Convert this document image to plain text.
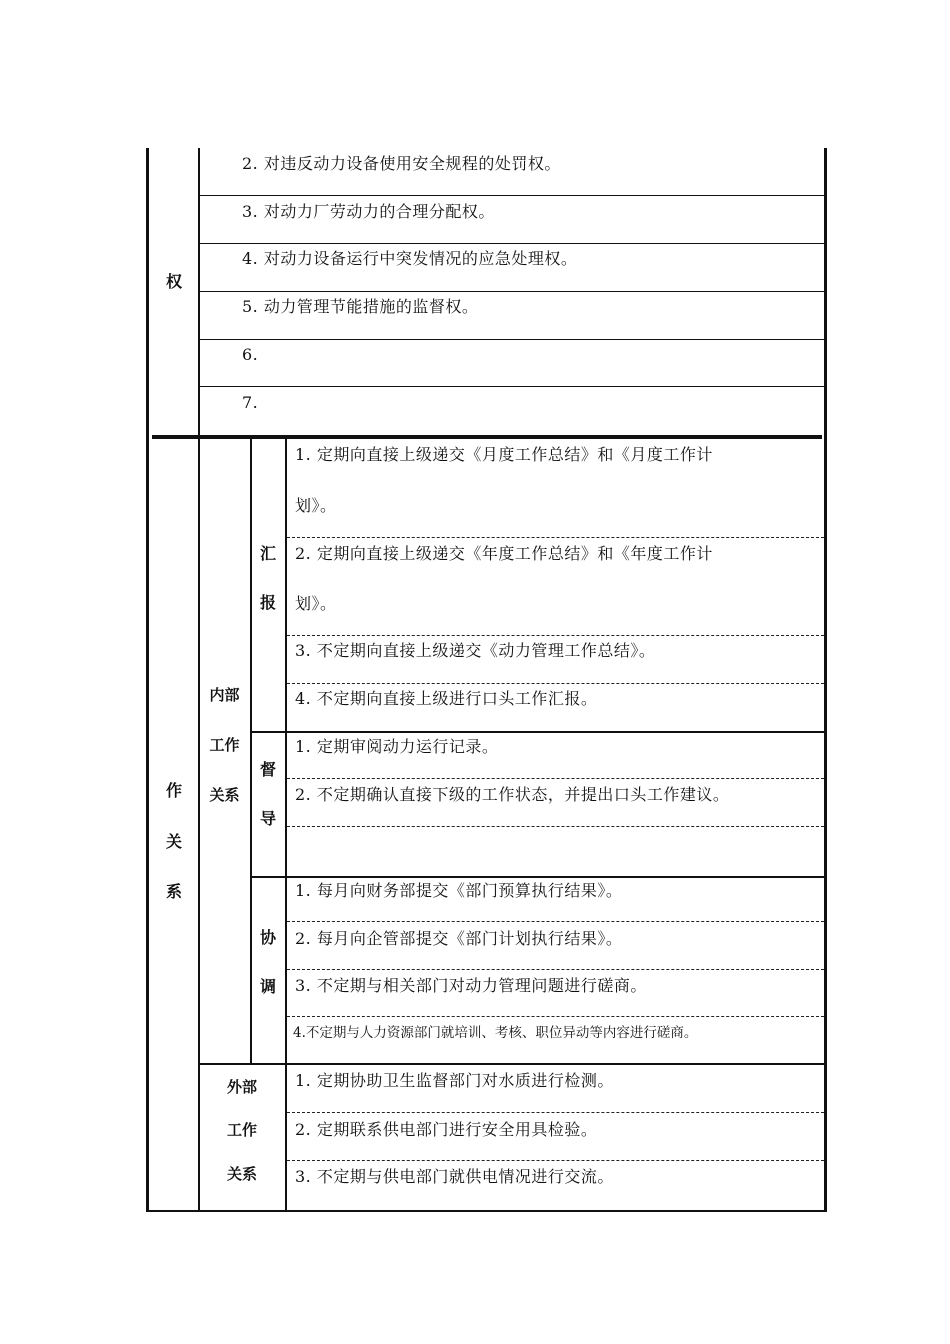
权
2. 对违反动力设备使用安全规程的处罚权。
3. 对动力厂劳动力的合理分配权。
4. 对动力设备运行中突发情况的应急处理权。
5. 动力管理节能措施的监督权。
6.
7.
作
关
系
内部
工作
关系
汇
报
1. 定期向直接上级递交《月度工作总结》和《月度工作计
划》。
2. 定期向直接上级递交《年度工作总结》和《年度工作计
划》。
3. 不定期向直接上级递交《动力管理工作总结》。
4. 不定期向直接上级进行口头工作汇报。
督
导
1. 定期审阅动力运行记录。
2. 不定期确认直接下级的工作状态，并提出口头工作建议。
协
调
1. 每月向财务部提交《部门预算执行结果》。
2. 每月向企管部提交《部门计划执行结果》。
3. 不定期与相关部门对动力管理问题进行磋商。
4.不定期与人力资源部门就培训、考核、职位异动等内容进行磋商。
外部
工作
关系
1. 定期协助卫生监督部门对水质进行检测。
2. 定期联系供电部门进行安全用具检验。
3. 不定期与供电部门就供电情况进行交流。
